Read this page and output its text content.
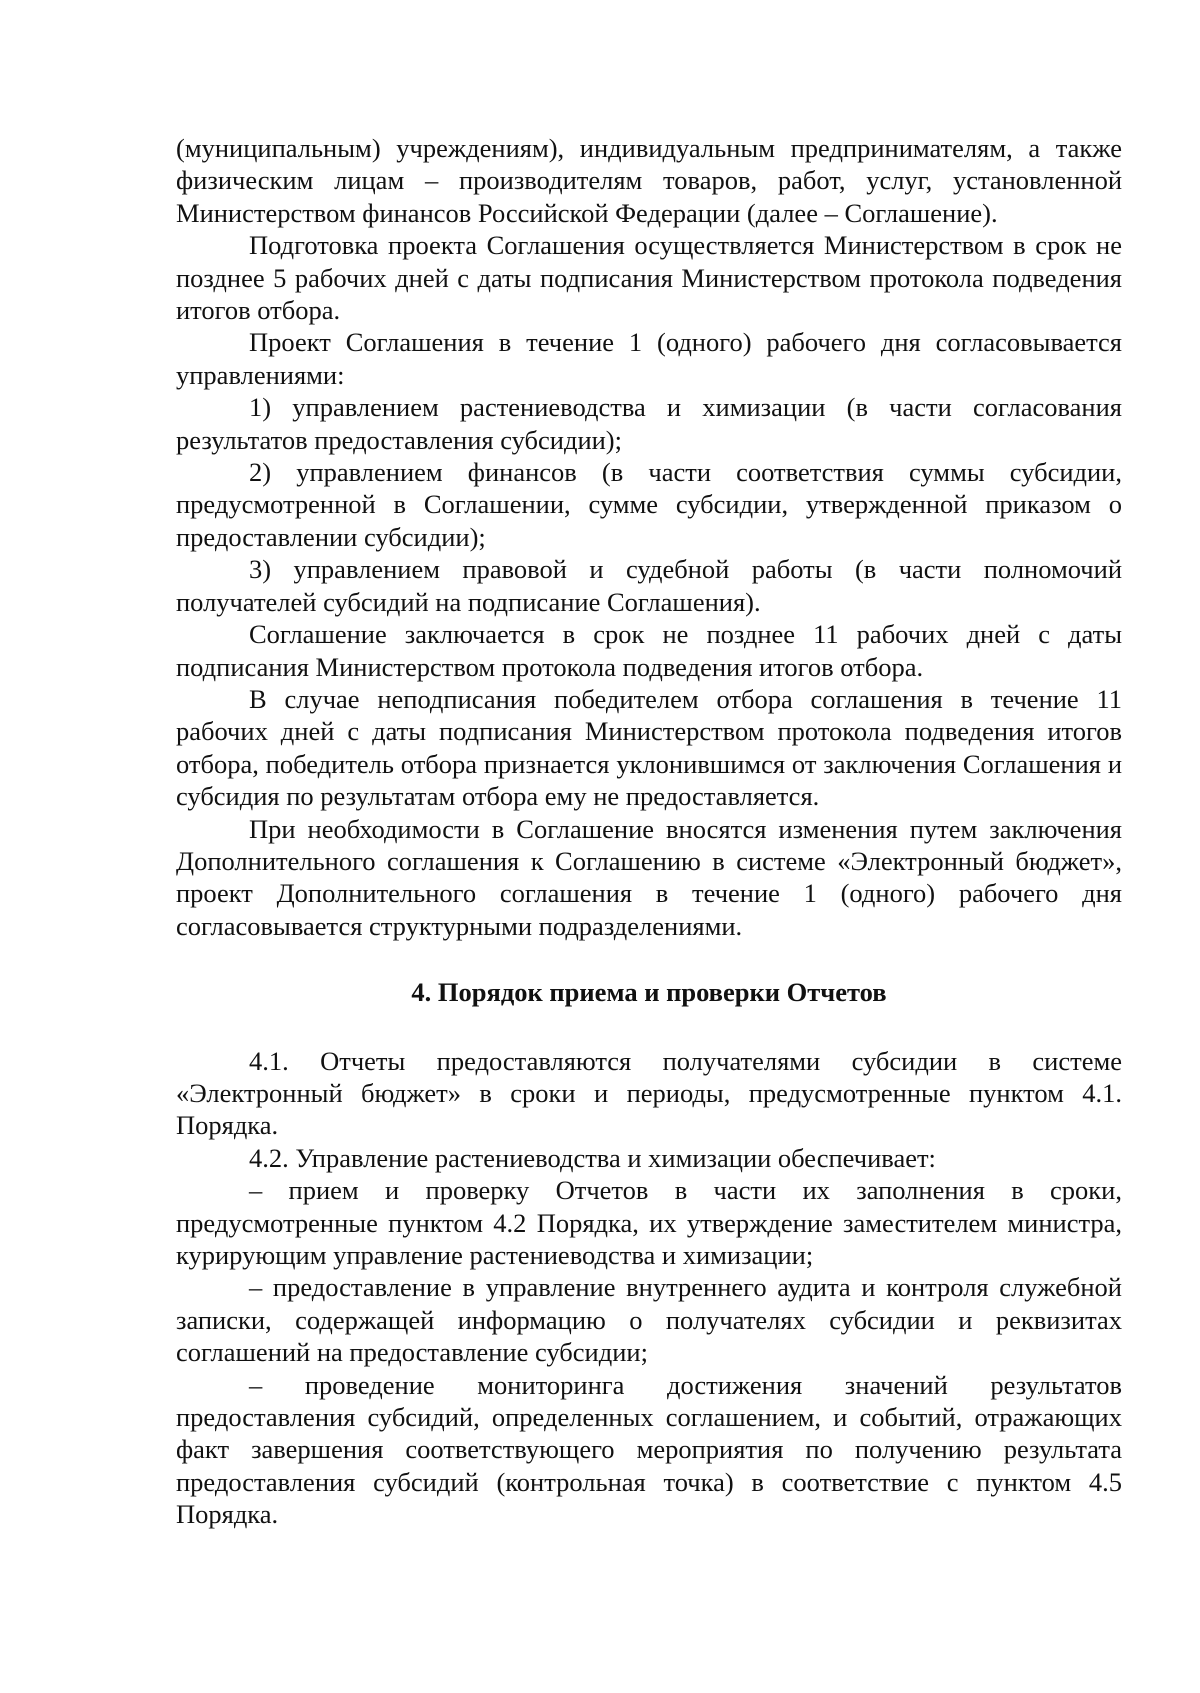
(муниципальным) учреждениям), индивидуальным предпринимателям, а также физическим лицам – производителям товаров, работ, услуг, установленной Министерством финансов Российской Федерации (далее – Соглашение).

Подготовка проекта Соглашения осуществляется Министерством в срок не позднее 5 рабочих дней с даты подписания Министерством протокола подведения итогов отбора.

Проект Соглашения в течение 1 (одного) рабочего дня согласовывается управлениями:

1) управлением растениеводства и химизации (в части согласования результатов предоставления субсидии);

2) управлением финансов (в части соответствия суммы субсидии, предусмотренной в Соглашении, сумме субсидии, утвержденной приказом о предоставлении субсидии);

3) управлением правовой и судебной работы (в части полномочий получателей субсидий на подписание Соглашения).

Соглашение заключается в срок не позднее 11 рабочих дней с даты подписания Министерством протокола подведения итогов отбора.

В случае неподписания победителем отбора соглашения в течение 11 рабочих дней с даты подписания Министерством протокола подведения итогов отбора, победитель отбора признается уклонившимся от заключения Соглашения и субсидия по результатам отбора ему не предоставляется.

При необходимости в Соглашение вносятся изменения путем заключения Дополнительного соглашения к Соглашению в системе «Электронный бюджет», проект Дополнительного соглашения в течение 1 (одного) рабочего дня согласовывается структурными подразделениями.

4. Порядок приема и проверки Отчетов

4.1. Отчеты предоставляются получателями субсидии в системе «Электронный бюджет» в сроки и периоды, предусмотренные пунктом 4.1. Порядка.

4.2. Управление растениеводства и химизации обеспечивает:

– прием и проверку Отчетов в части их заполнения в сроки, предусмотренные пунктом 4.2 Порядка, их утверждение заместителем министра, курирующим управление растениеводства и химизации;

– предоставление в управление внутреннего аудита и контроля служебной записки, содержащей информацию о получателях субсидии и реквизитах соглашений на предоставление субсидии;

– проведение мониторинга достижения значений результатов предоставления субсидий, определенных соглашением, и событий, отражающих факт завершения соответствующего мероприятия по получению результата предоставления субсидий (контрольная точка) в соответствие с пунктом 4.5 Порядка.
